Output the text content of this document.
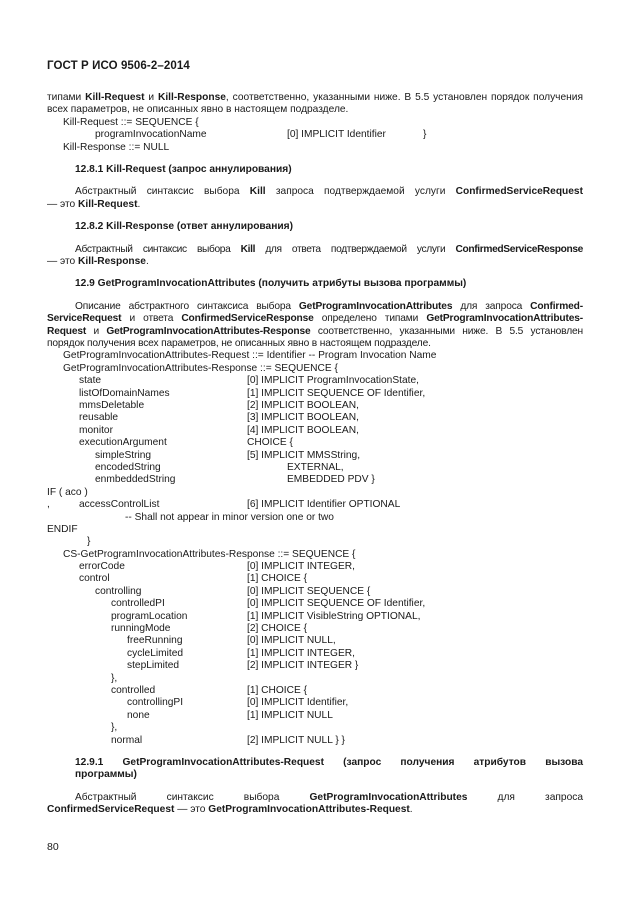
ГОСТ Р ИСО 9506-2–2014

типами Kill-Request и Kill-Response, соответственно, указанными ниже. В 5.5 установлен порядок получения всех параметров, не описанных явно в настоящем подразделе.

Kill-Request ::= SEQUENCE {
programInvocationName	[0] IMPLICIT Identifier	}
Kill-Response ::= NULL

12.8.1 Kill-Request (запрос аннулирования)

Абстрактный синтаксис выбора Kill запроса подтверждаемой услуги ConfirmedServiceRequest

— это Kill-Request.

12.8.2 Kill-Response (ответ аннулирования)

Абстрактный синтаксис выбора Kill для ответа подтверждаемой услуги ConfirmedServiceResponse

— это Kill-Response.

12.9 GetProgramInvocationAttributes (получить атрибуты вызова программы)

Описание абстрактного синтаксиса выбора GetProgramInvocationAttributes для запроса Confirmed-ServiceRequest и ответа ConfirmedServiceResponse определено типами GetProgramInvocationAttributes-Request и GetProgramInvocationAttributes-Response соответственно, указанными ниже. В 5.5 установлен порядок получения всех параметров, не описанных явно в настоящем подразделе.

GetProgramInvocationAttributes-Request ::= Identifier -- Program Invocation Name
GetProgramInvocationAttributes-Response ::= SEQUENCE {
state	[0] IMPLICIT ProgramInvocationState,
listOfDomainNames	[1] IMPLICIT SEQUENCE OF Identifier,
mmsDeletable	[2] IMPLICIT BOOLEAN,
reusable	[3] IMPLICIT BOOLEAN,
monitor	[4] IMPLICIT BOOLEAN,
executionArgument	CHOICE {
simpleString	[5] IMPLICIT MMSString,
encodedString	EXTERNAL,
enmbeddedString	EMBEDDED PDV }
IF ( aco )
,	accessControlList	[6] IMPLICIT Identifier OPTIONAL
-- Shall not appear in minor version one or two
ENDIF
}
CS-GetProgramInvocationAttributes-Response ::= SEQUENCE {
errorCode	[0] IMPLICIT INTEGER,
control	[1] CHOICE {
controlling	[0] IMPLICIT SEQUENCE {
controlledPI	[0] IMPLICIT SEQUENCE OF Identifier,
programLocation	[1] IMPLICIT VisibleString OPTIONAL,
runningMode	[2] CHOICE {
freeRunning	[0] IMPLICIT NULL,
cycleLimited	[1] IMPLICIT INTEGER,
stepLimited	[2] IMPLICIT INTEGER }
},
controlled	[1] CHOICE {
controllingPI	[0] IMPLICIT Identifier,
none	[1] IMPLICIT NULL
},
normal	[2] IMPLICIT NULL } }

12.9.1 GetProgramInvocationAttributes-Request (запрос получения атрибутов вызова

программы)

Абстрактный синтаксис выбора GetProgramInvocationAttributes для запроса ConfirmedServiceRequest — это GetProgramInvocationAttributes-Request.

80
